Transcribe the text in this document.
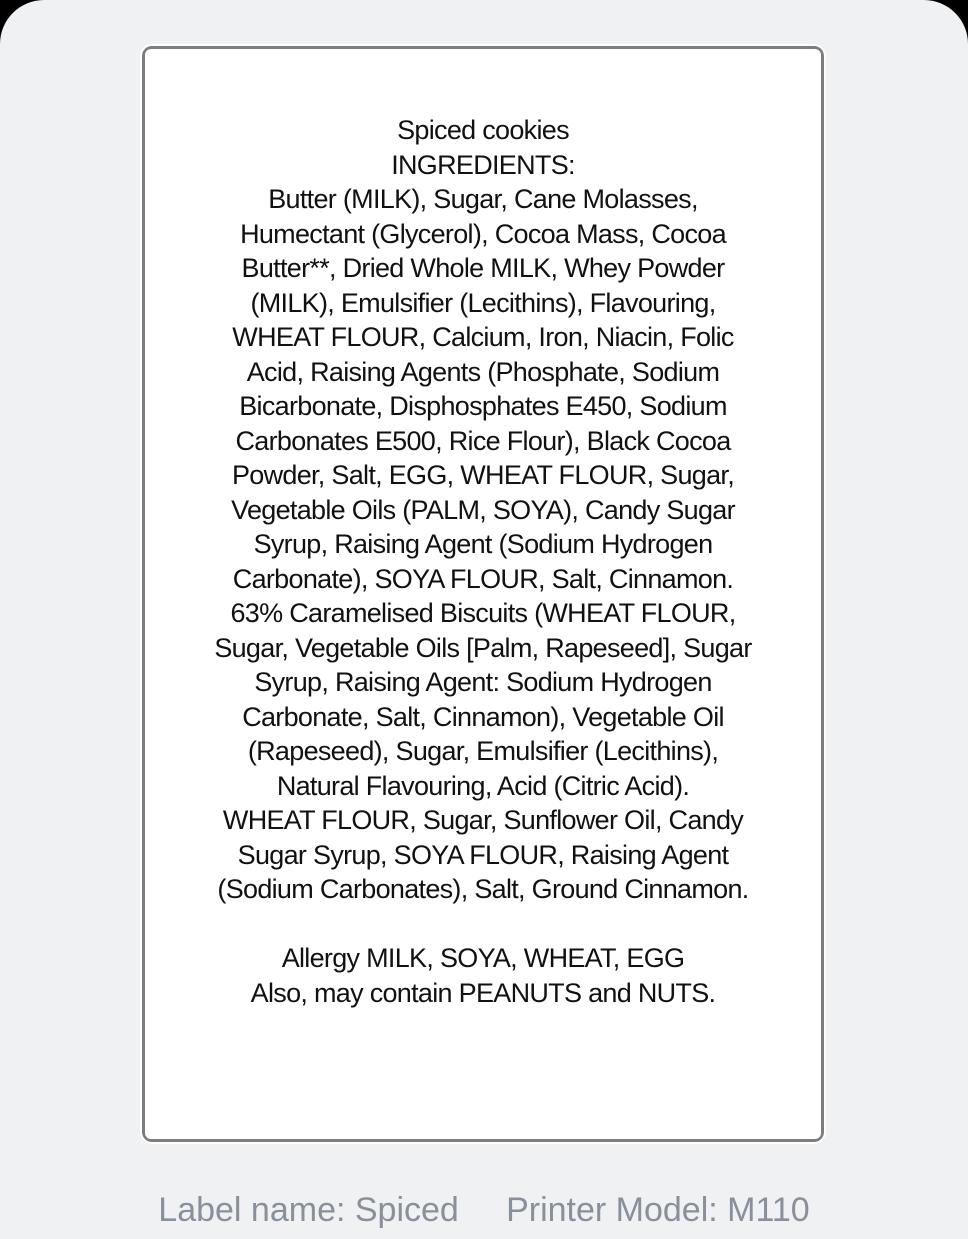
Spiced cookies
INGREDIENTS:
Butter (MILK), Sugar, Cane Molasses,
Humectant (Glycerol), Cocoa Mass, Cocoa
Butter**, Dried Whole MILK, Whey Powder
(MILK), Emulsifier (Lecithins), Flavouring,
WHEAT FLOUR, Calcium, Iron, Niacin, Folic
Acid, Raising Agents (Phosphate, Sodium
Bicarbonate, Disphosphates E450, Sodium
Carbonates E500, Rice Flour), Black Cocoa
Powder, Salt, EGG, WHEAT FLOUR, Sugar,
Vegetable Oils (PALM, SOYA), Candy Sugar
Syrup, Raising Agent (Sodium Hydrogen
Carbonate), SOYA FLOUR, Salt, Cinnamon.
63% Caramelised Biscuits (WHEAT FLOUR,
Sugar, Vegetable Oils [Palm, Rapeseed], Sugar
Syrup, Raising Agent: Sodium Hydrogen
Carbonate, Salt, Cinnamon), Vegetable Oil
(Rapeseed), Sugar, Emulsifier (Lecithins),
Natural Flavouring, Acid (Citric Acid).
WHEAT FLOUR, Sugar, Sunflower Oil, Candy
Sugar Syrup, SOYA FLOUR, Raising Agent
(Sodium Carbonates), Salt, Ground Cinnamon.

Allergy MILK, SOYA, WHEAT, EGG
Also, may contain PEANUTS and NUTS.

Label name: Spiced     Printer Model: M110
